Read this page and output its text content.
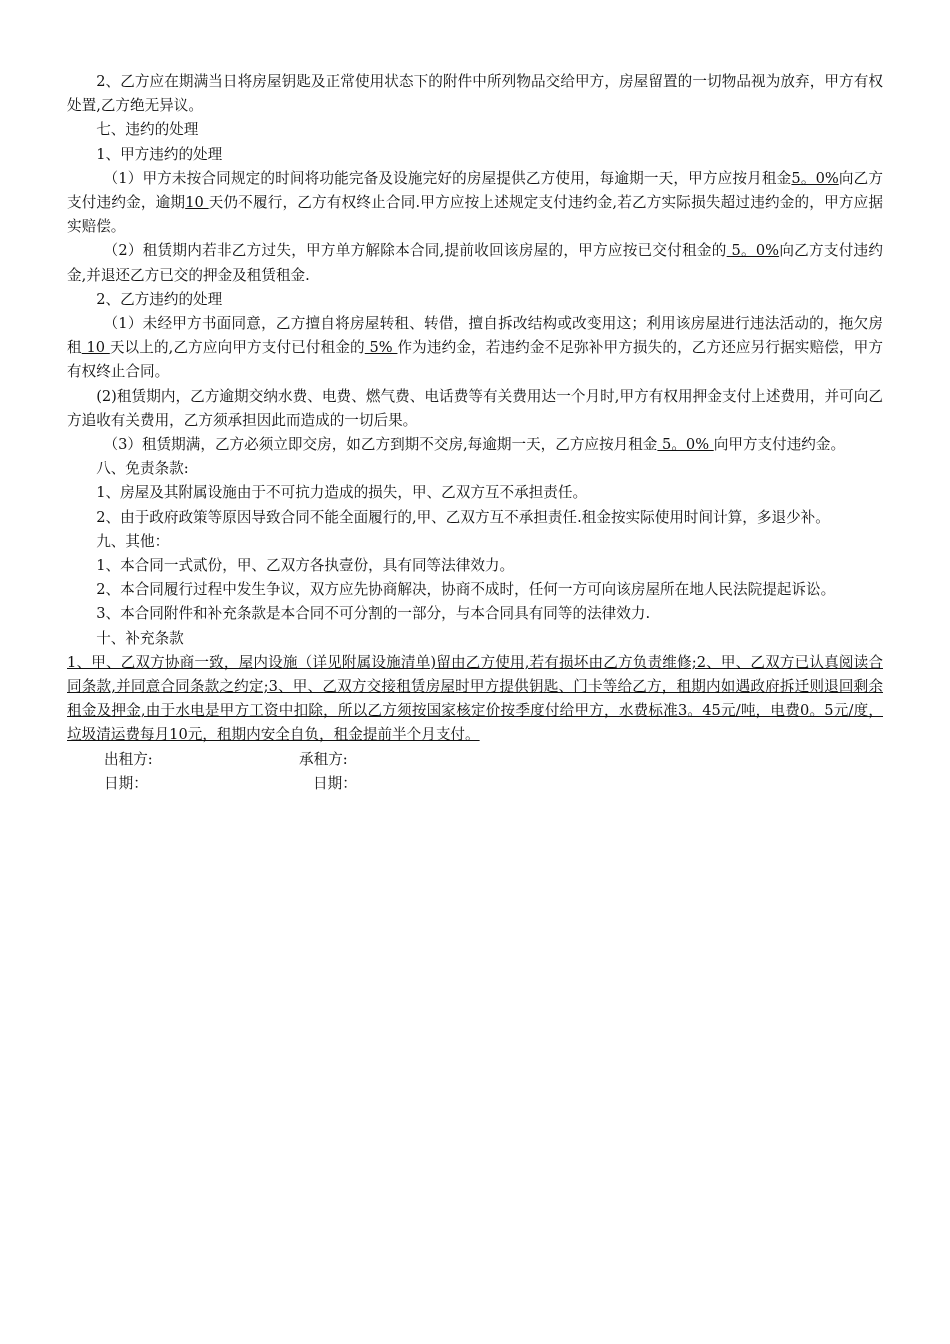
2、乙方应在期满当日将房屋钥匙及正常使用状态下的附件中所列物品交给甲方，房屋留置的一切物品视为放弃，甲方有权处置,乙方绝无异议。

七、违约的处理

1、甲方违约的处理

（1）甲方未按合同规定的时间将功能完备及设施完好的房屋提供乙方使用，每逾期一天，甲方应按月租金5。0%向乙方支付违约金，逾期10 天仍不履行，乙方有权终止合同.甲方应按上述规定支付违约金,若乙方实际损失超过违约金的，甲方应据实赔偿。

（2）租赁期内若非乙方过失，甲方单方解除本合同,提前收回该房屋的，甲方应按已交付租金的 5。0%向乙方支付违约金,并退还乙方已交的押金及租赁租金.

2、乙方违约的处理

（1）未经甲方书面同意，乙方擅自将房屋转租、转借，擅自拆改结构或改变用这；利用该房屋进行违法活动的，拖欠房租 10 天以上的,乙方应向甲方支付已付租金的 5% 作为违约金，若违约金不足弥补甲方损失的，乙方还应另行据实赔偿，甲方有权终止合同。

(2)租赁期内，乙方逾期交纳水费、电费、燃气费、电话费等有关费用达一个月时,甲方有权用押金支付上述费用，并可向乙方追收有关费用，乙方须承担因此而造成的一切后果。

（3）租赁期满，乙方必须立即交房，如乙方到期不交房,每逾期一天，乙方应按月租金 5。0% 向甲方支付违约金。

八、免责条款:

1、房屋及其附属设施由于不可抗力造成的损失，甲、乙双方互不承担责任。

2、由于政府政策等原因导致合同不能全面履行的,甲、乙双方互不承担责任.租金按实际使用时间计算，多退少补。

九、其他：

1、本合同一式贰份，甲、乙双方各执壹份，具有同等法律效力。

2、本合同履行过程中发生争议，双方应先协商解决，协商不成时，任何一方可向该房屋所在地人民法院提起诉讼。

3、本合同附件和补充条款是本合同不可分割的一部分，与本合同具有同等的法律效力.

十、补充条款

1、甲、乙双方协商一致，屋内设施（详见附属设施清单)留由乙方使用,若有损坏由乙方负责维修;2、甲、乙双方已认真阅读合同条款,并同意合同条款之约定;3、甲、乙双方交接租赁房屋时甲方提供钥匙、门卡等给乙方，租期内如遇政府拆迁则退回剩余租金及押金,由于水电是甲方工资中扣除，所以乙方须按国家核定价按季度付给甲方，水费标准3。45元/吨，电费0。5元/度，垃圾清运费每月10元，租期内安全自负，租金提前半个月支付。

出租方:	承租方:
日期：	日期：
